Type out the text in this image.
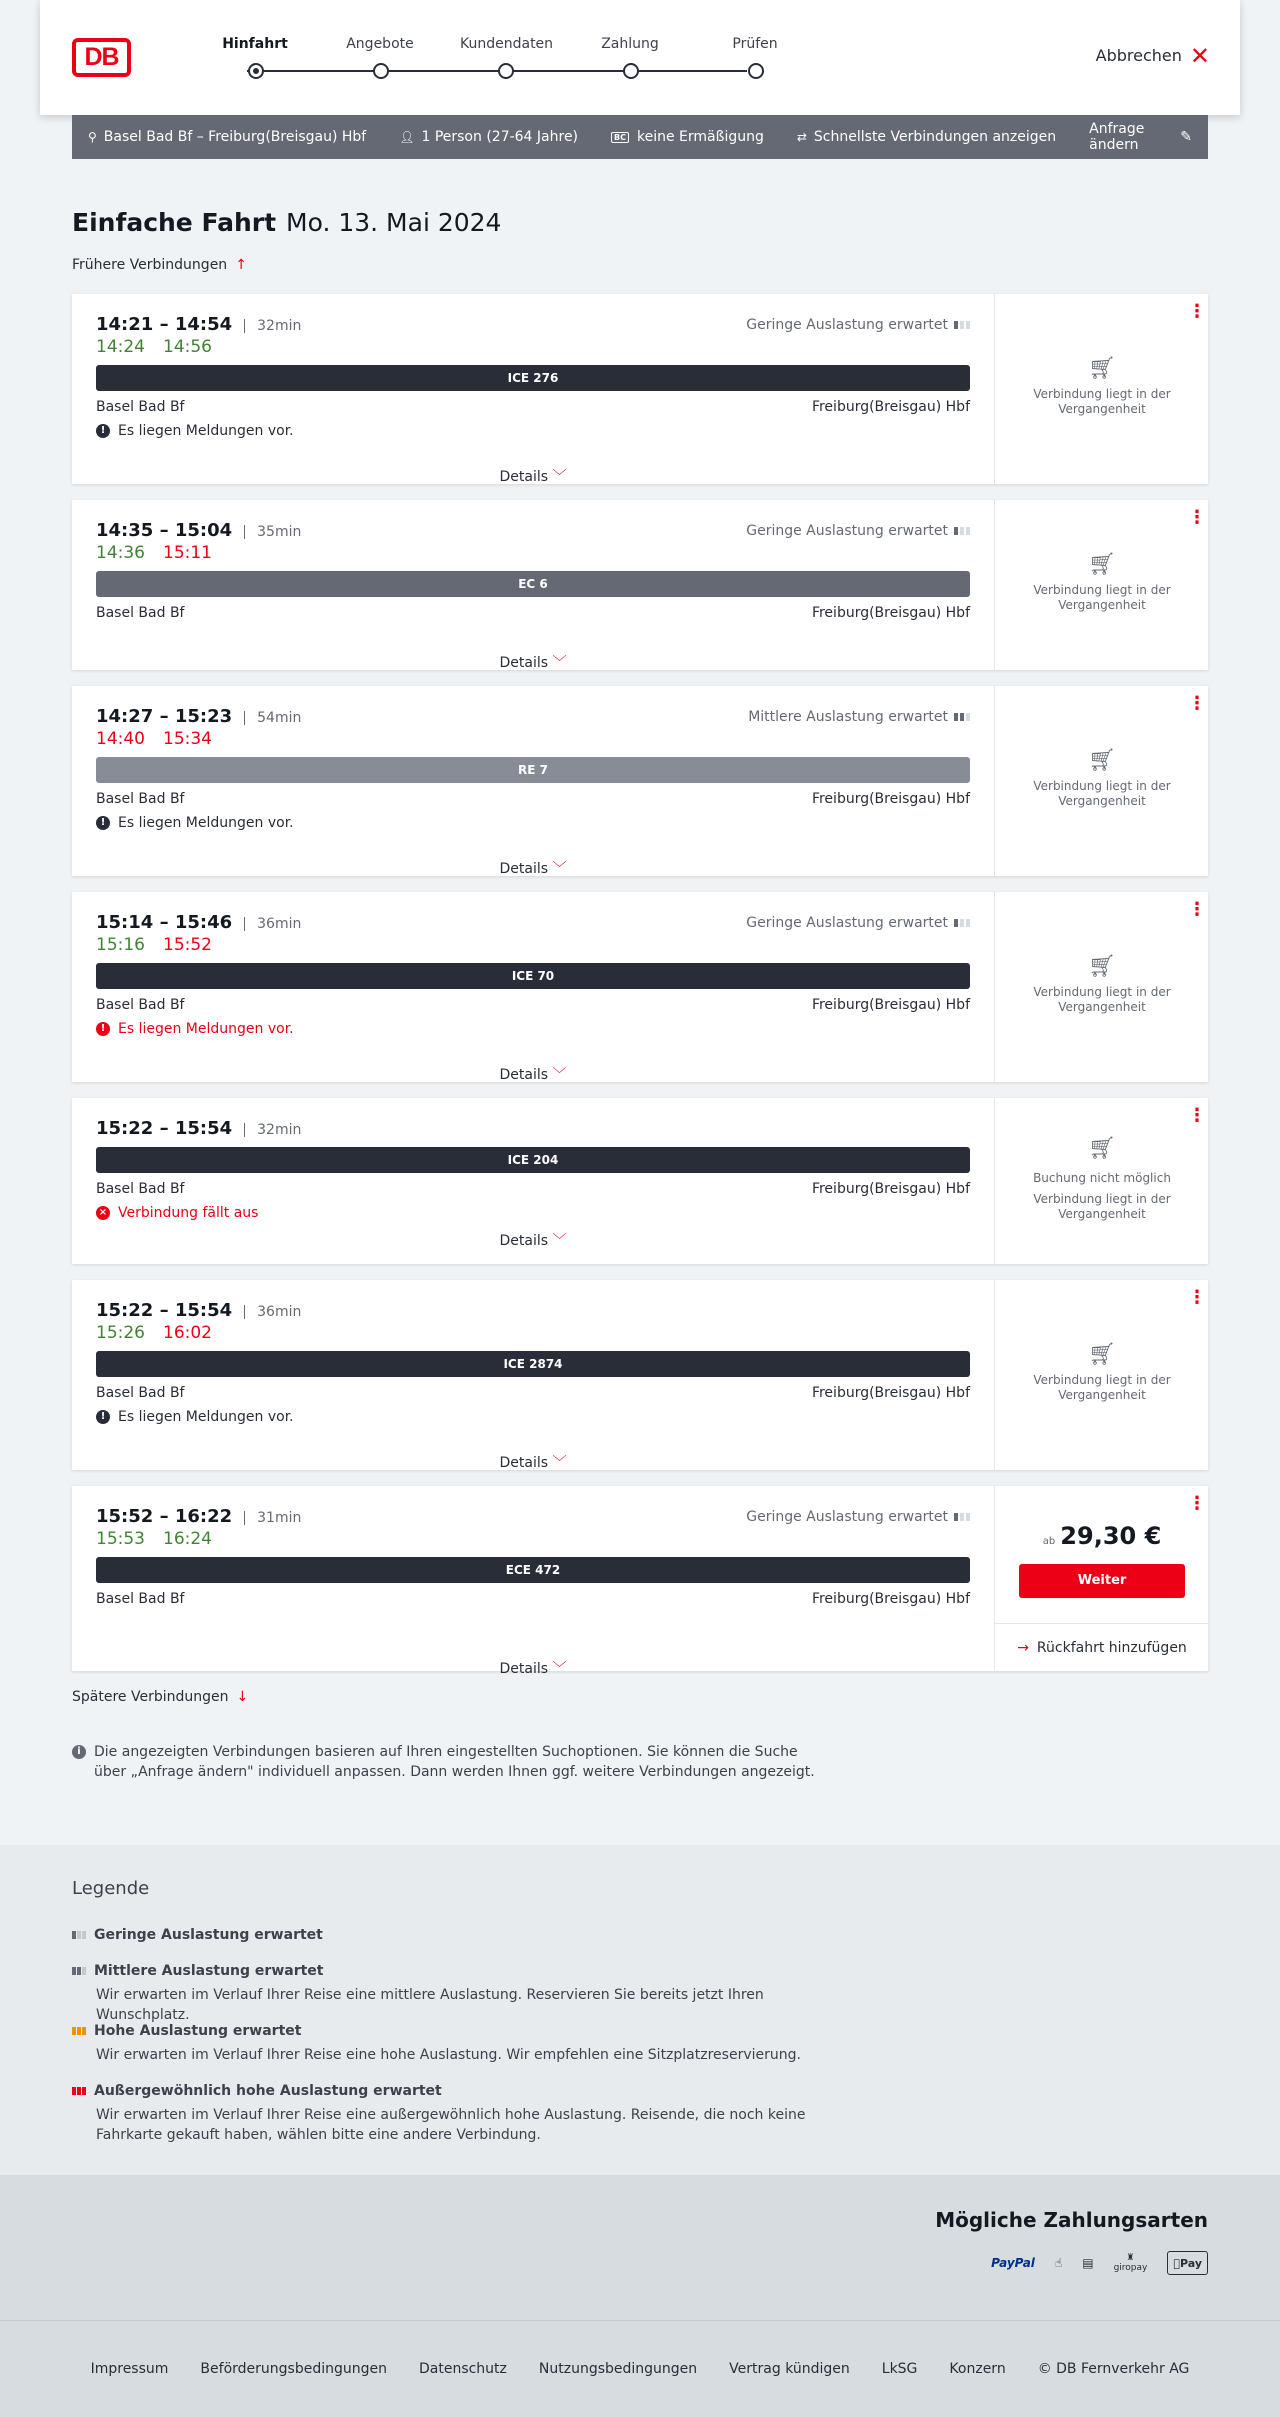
DB	Hinfahrt	Angebote	Kundendaten	Zahlung	Prüfen
Abbrechen ✕
⚲ Basel Bad Bf – Freiburg(Breisgau) Hbf	👤︎ 1 Person (27-64 Jahre)	BC keine Ermäßigung	⇄ Schnellste Verbindungen anzeigen Anfrage ändern	✎
Einfache Fahrt Mo. 13. Mai 2024
Frühere Verbindungen ↑
14:21 – 14:54	32min	Geringe Auslastung erwartet
14:24 14:56
ICE 276
Basel Bad Bf	Freiburg(Breisgau) Hbf
! Es liegen Meldungen vor.
Details ﹀
⋮
🛒︎
Verbindung liegt in der Vergangenheit
14:35 – 15:04	35min	Geringe Auslastung erwartet
14:36 15:11
EC 6
Basel Bad Bf	Freiburg(Breisgau) Hbf
Details ﹀
⋮
🛒︎
Verbindung liegt in der Vergangenheit
14:27 – 15:23	54min	Mittlere Auslastung erwartet
14:40 15:34
RE 7
Basel Bad Bf	Freiburg(Breisgau) Hbf
! Es liegen Meldungen vor.
Details ﹀
⋮
🛒︎
Verbindung liegt in der Vergangenheit
15:14 – 15:46	36min	Geringe Auslastung erwartet
15:16 15:52
ICE 70
Basel Bad Bf	Freiburg(Breisgau) Hbf
! Es liegen Meldungen vor.
Details ﹀
⋮
🛒︎
Verbindung liegt in der Vergangenheit
15:22 – 15:54	32min
ICE 204
Basel Bad Bf	Freiburg(Breisgau) Hbf
× Verbindung fällt aus
Details ﹀
⋮
🛒︎
Buchung nicht möglich
Verbindung liegt in der Vergangenheit
15:22 – 15:54	36min
15:26 16:02
ICE 2874
Basel Bad Bf	Freiburg(Breisgau) Hbf
! Es liegen Meldungen vor.
Details ﹀
⋮
🛒︎
Verbindung liegt in der Vergangenheit
15:52 – 16:22	31min	Geringe Auslastung erwartet
15:53 16:24
ECE 472
Basel Bad Bf	Freiburg(Breisgau) Hbf
Details ﹀
⋮
ab 29,30 €
Weiter
→ Rückfahrt hinzufügen
Spätere Verbindungen ↓
i Die angezeigten Verbindungen basieren auf Ihren eingestellten Suchoptionen. Sie können die Suche über „Anfrage ändern" individuell anpassen. Dann werden Ihnen ggf. weitere Verbindungen angezeigt.
Legende
Geringe Auslastung erwartet
Mittlere Auslastung erwartet
Wir erwarten im Verlauf Ihrer Reise eine mittlere Auslastung. Reservieren Sie bereits jetzt Ihren Wunschplatz.
Hohe Auslastung erwartet
Wir erwarten im Verlauf Ihrer Reise eine hohe Auslastung. Wir empfehlen eine Sitzplatzreservierung.
Außergewöhnlich hohe Auslastung erwartet
Wir erwarten im Verlauf Ihrer Reise eine außergewöhnlich hohe Auslastung. Reisende, die noch keine Fahrkarte gekauft haben, wählen bitte eine andere Verbindung.
Mögliche Zahlungsarten
PayPal	☝︎	▤	♜
giropay	Pay
Impressum Beförderungsbedingungen Datenschutz Nutzungsbedingungen Vertrag kündigen LkSG Konzern © DB Fernverkehr AG
